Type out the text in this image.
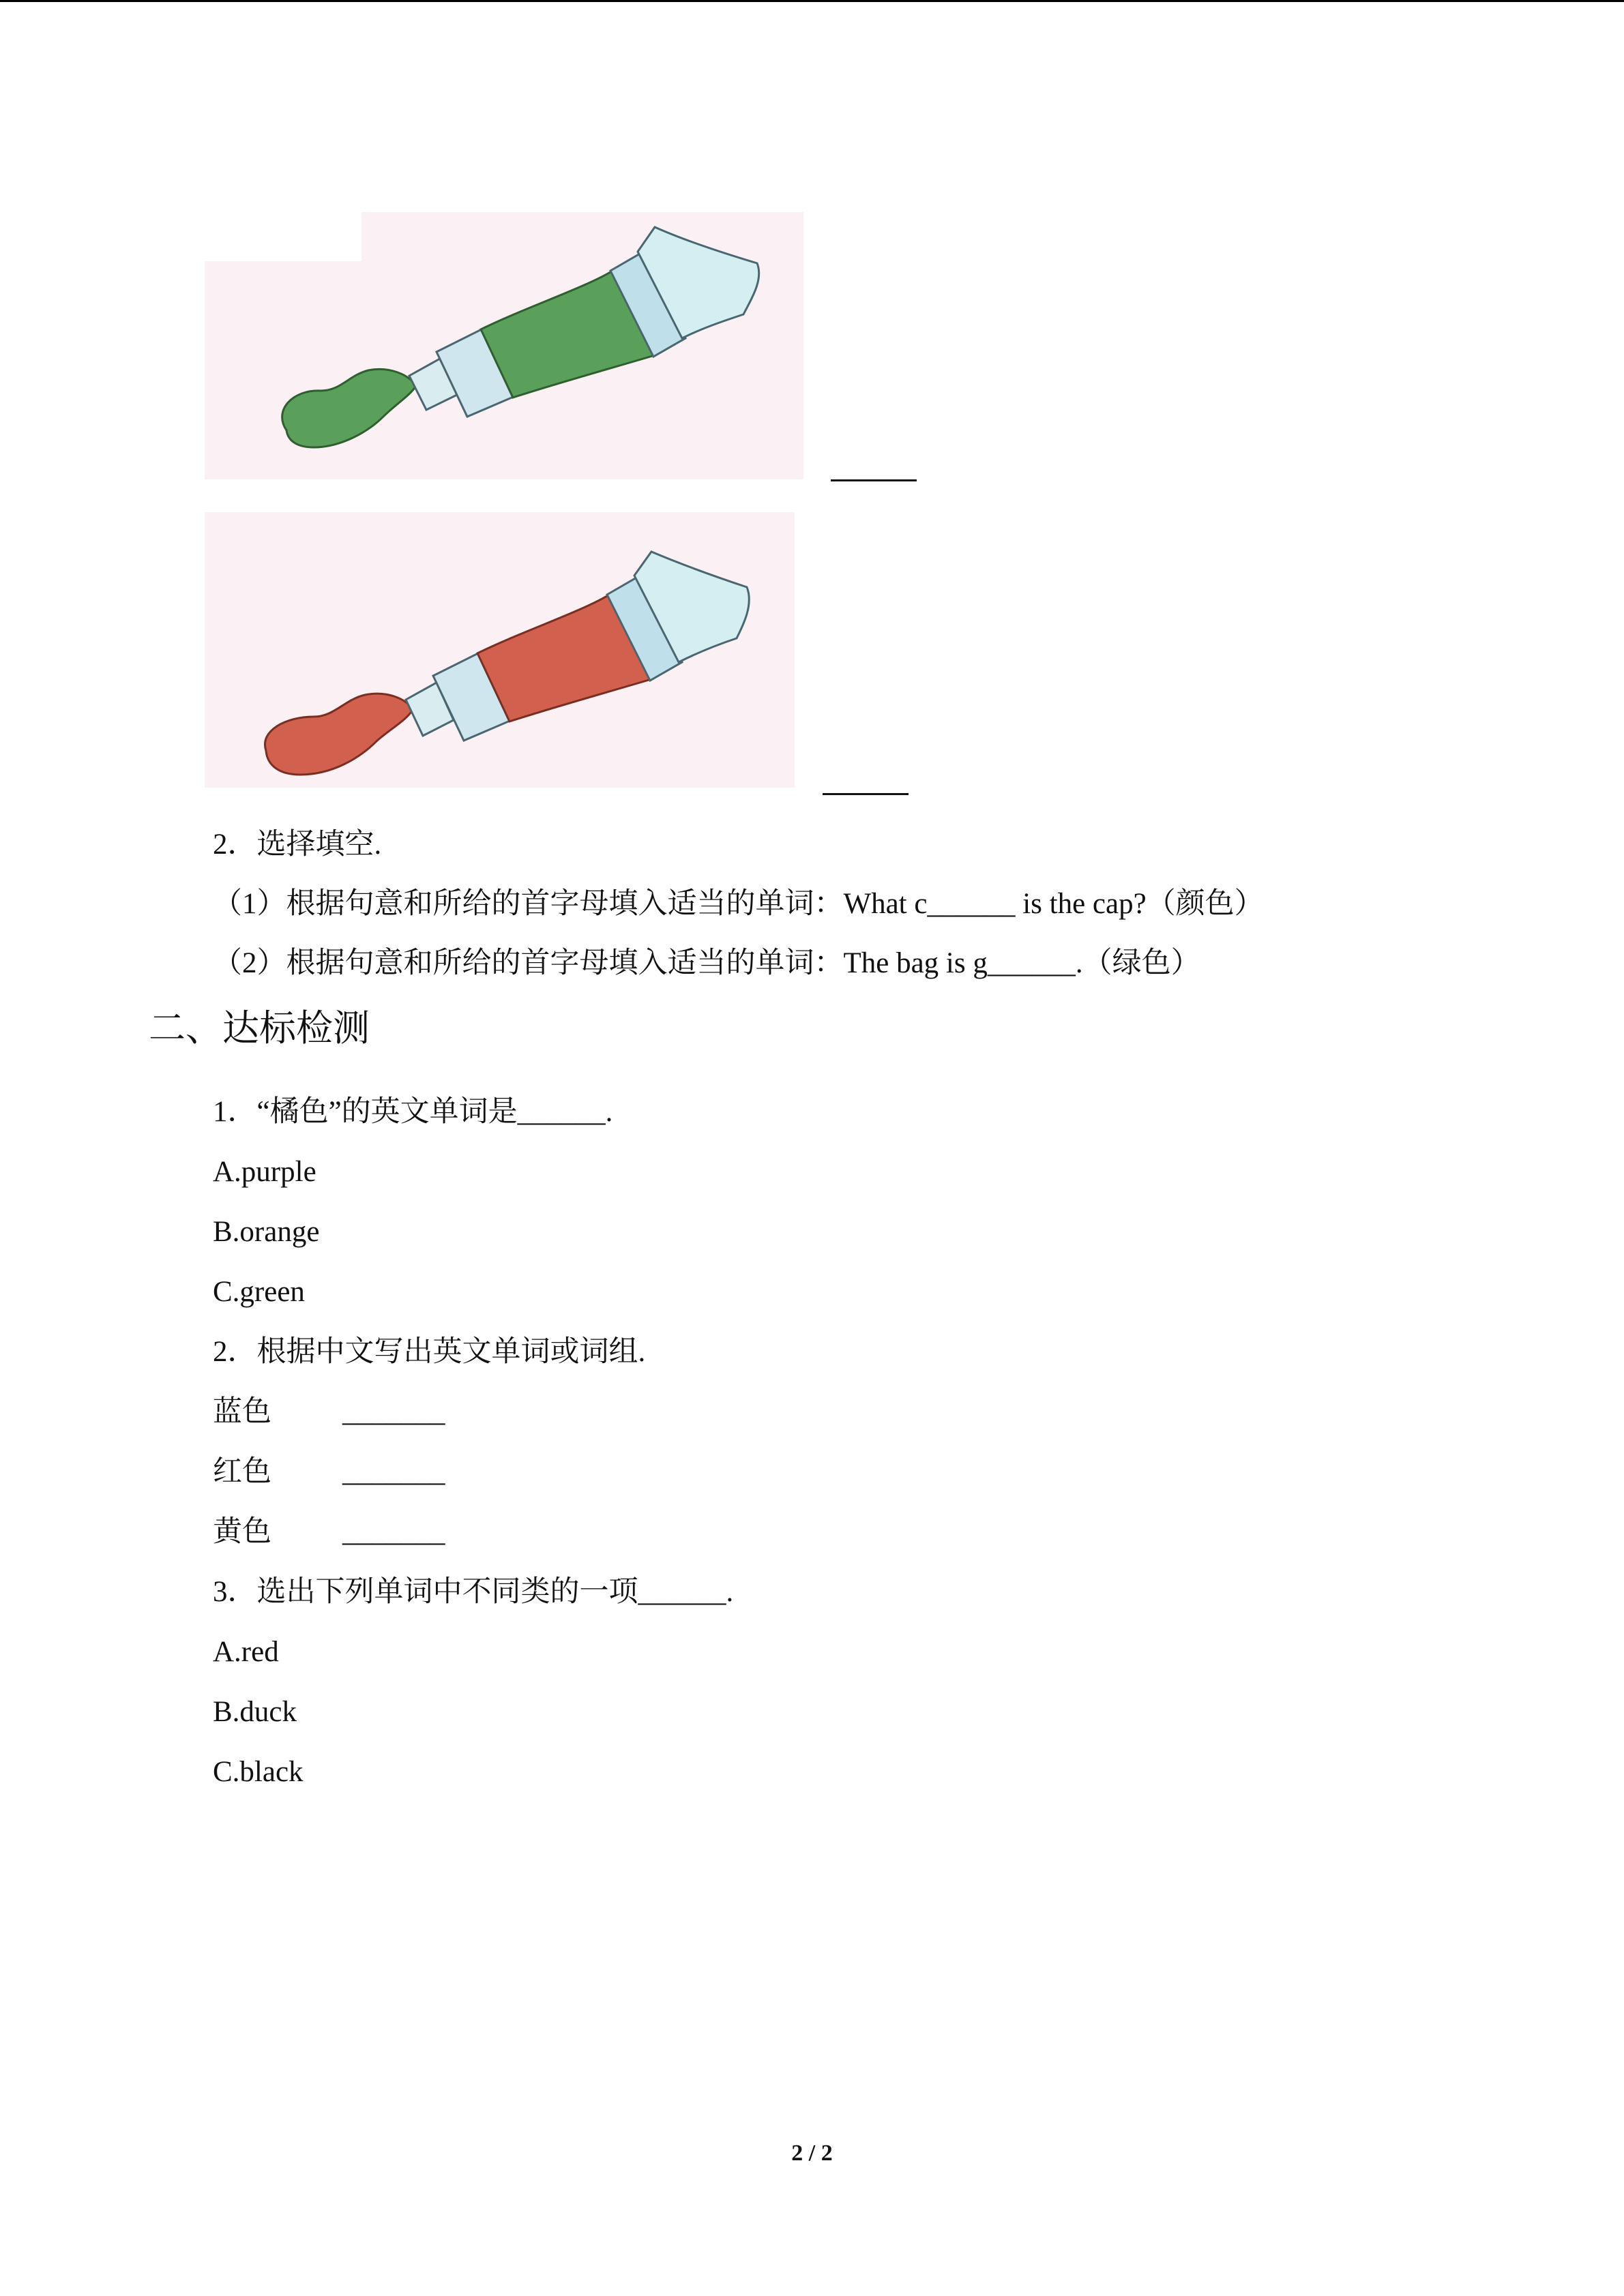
2．选择填空.
（1）根据句意和所给的首字母填入适当的单词：What c______ is the cap?（颜色）
（2）根据句意和所给的首字母填入适当的单词：The bag is g______.（绿色）
二、达标检测
1．“橘色”的英文单词是______.
A.purple
B.orange
C.green
2．根据中文写出英文单词或词组.
蓝色 _______
红色 _______
黄色 _______
3．选出下列单词中不同类的一项______.
A.red
B.duck
C.black
2 / 2
